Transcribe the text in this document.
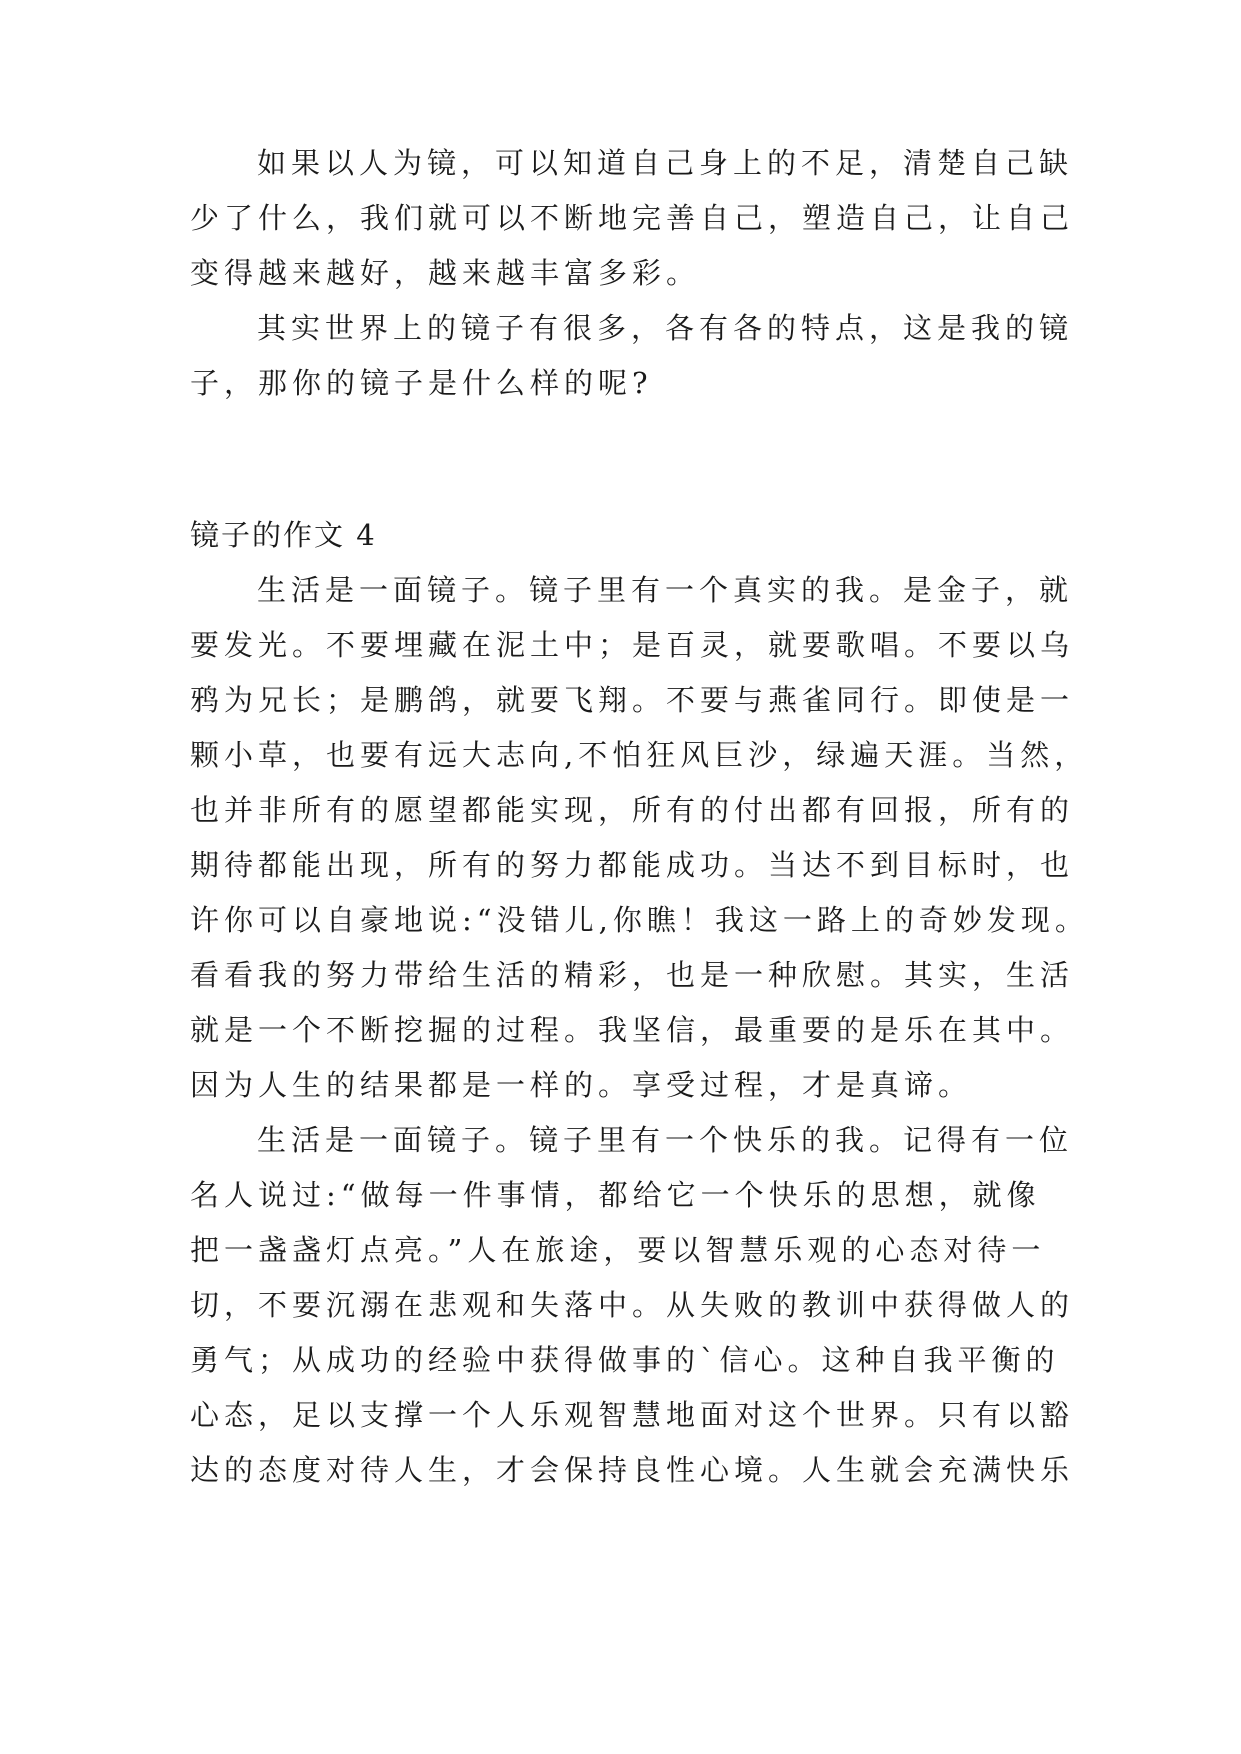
如果以人为镜，可以知道自己身上的不足，清楚自己缺
少了什么，我们就可以不断地完善自己，塑造自己，让自己
变得越来越好，越来越丰富多彩。
其实世界上的镜子有很多，各有各的特点，这是我的镜
子，那你的镜子是什么样的呢?
镜子的作文 4
生活是一面镜子。镜子里有一个真实的我。是金子，就
要发光。不要埋藏在泥土中；是百灵，就要歌唱。不要以乌
鸦为兄长；是鹏鸽，就要飞翔。不要与燕雀同行。即使是一
颗小草，也要有远大志向,不怕狂风巨沙，绿遍天涯。当然，
也并非所有的愿望都能实现，所有的付出都有回报，所有的
期待都能出现，所有的努力都能成功。当达不到目标时，也
许你可以自豪地说:“没错儿,你瞧！我这一路上的奇妙发现。
看看我的努力带给生活的精彩，也是一种欣慰。其实，生活
就是一个不断挖掘的过程。我坚信，最重要的是乐在其中。
因为人生的结果都是一样的。享受过程，才是真谛。
生活是一面镜子。镜子里有一个快乐的我。记得有一位
名人说过:“做每一件事情，都给它一个快乐的思想，就像
把一盏盏灯点亮。”人在旅途，要以智慧乐观的心态对待一
切，不要沉溺在悲观和失落中。从失败的教训中获得做人的
勇气；从成功的经验中获得做事的`信心。这种自我平衡的
心态，足以支撑一个人乐观智慧地面对这个世界。只有以豁
达的态度对待人生，才会保持良性心境。人生就会充满快乐
